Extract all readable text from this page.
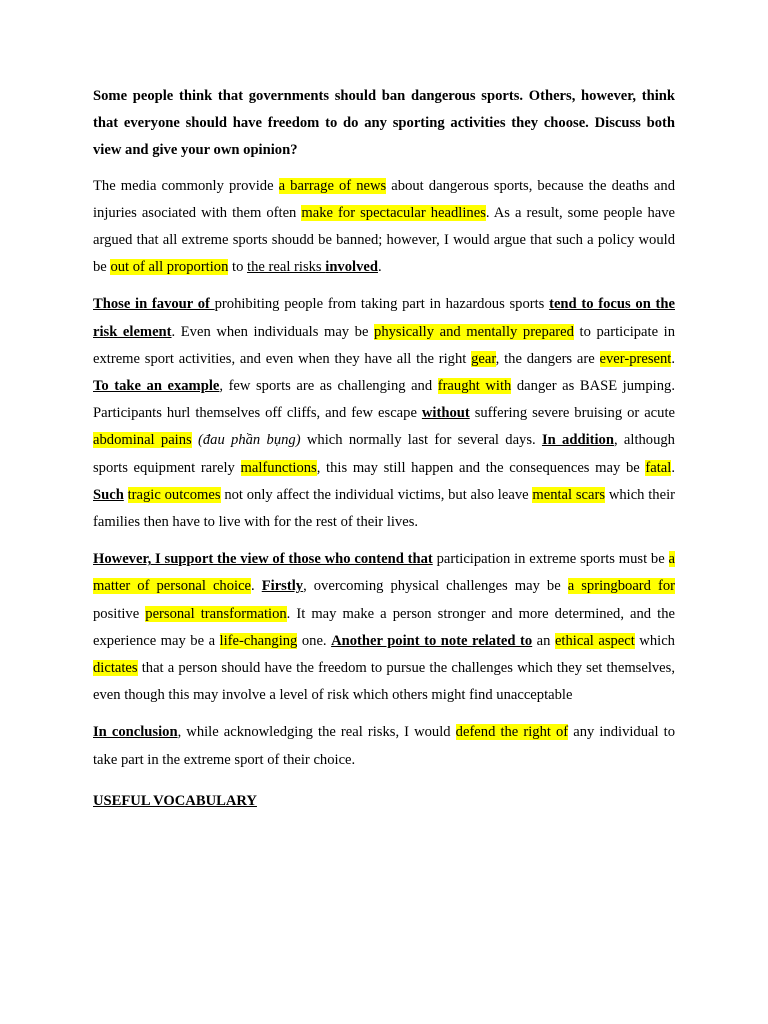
Some people think that governments should ban dangerous sports. Others, however, think that everyone should have freedom to do any sporting activities they choose. Discuss both view and give your own opinion?

The media commonly provide a barrage of news about dangerous sports, because the deaths and injuries asociated with them often make for spectacular headlines. As a result, some people have argued that all extreme sports shoudd be banned; however, I would argue that such a policy would be out of all proportion to the real risks involved.

Those in favour of prohibiting people from taking part in hazardous sports tend to focus on the risk element. Even when individuals may be physically and mentally prepared to participate in extreme sport activities, and even when they have all the right gear, the dangers are ever-present. To take an example, few sports are as challenging and fraught with danger as BASE jumping. Participants hurl themselves off cliffs, and few escape without suffering severe bruising or acute abdominal pains (đau phần bụng) which normally last for several days. In addition, although sports equipment rarely malfunctions, this may still happen and the consequences may be fatal. Such tragic outcomes not only affect the individual victims, but also leave mental scars which their families then have to live with for the rest of their lives.

However, I support the view of those who contend that participation in extreme sports must be a matter of personal choice. Firstly, overcoming physical challenges may be a springboard for positive personal transformation. It may make a person stronger and more determined, and the experience may be a life-changing one. Another point to note related to an ethical aspect which dictates that a person should have the freedom to pursue the challenges which they set themselves, even though this may involve a level of risk which others might find unacceptable

In conclusion, while acknowledging the real risks, I would defend the right of any individual to take part in the extreme sport of their choice.

USEFUL VOCABULARY
